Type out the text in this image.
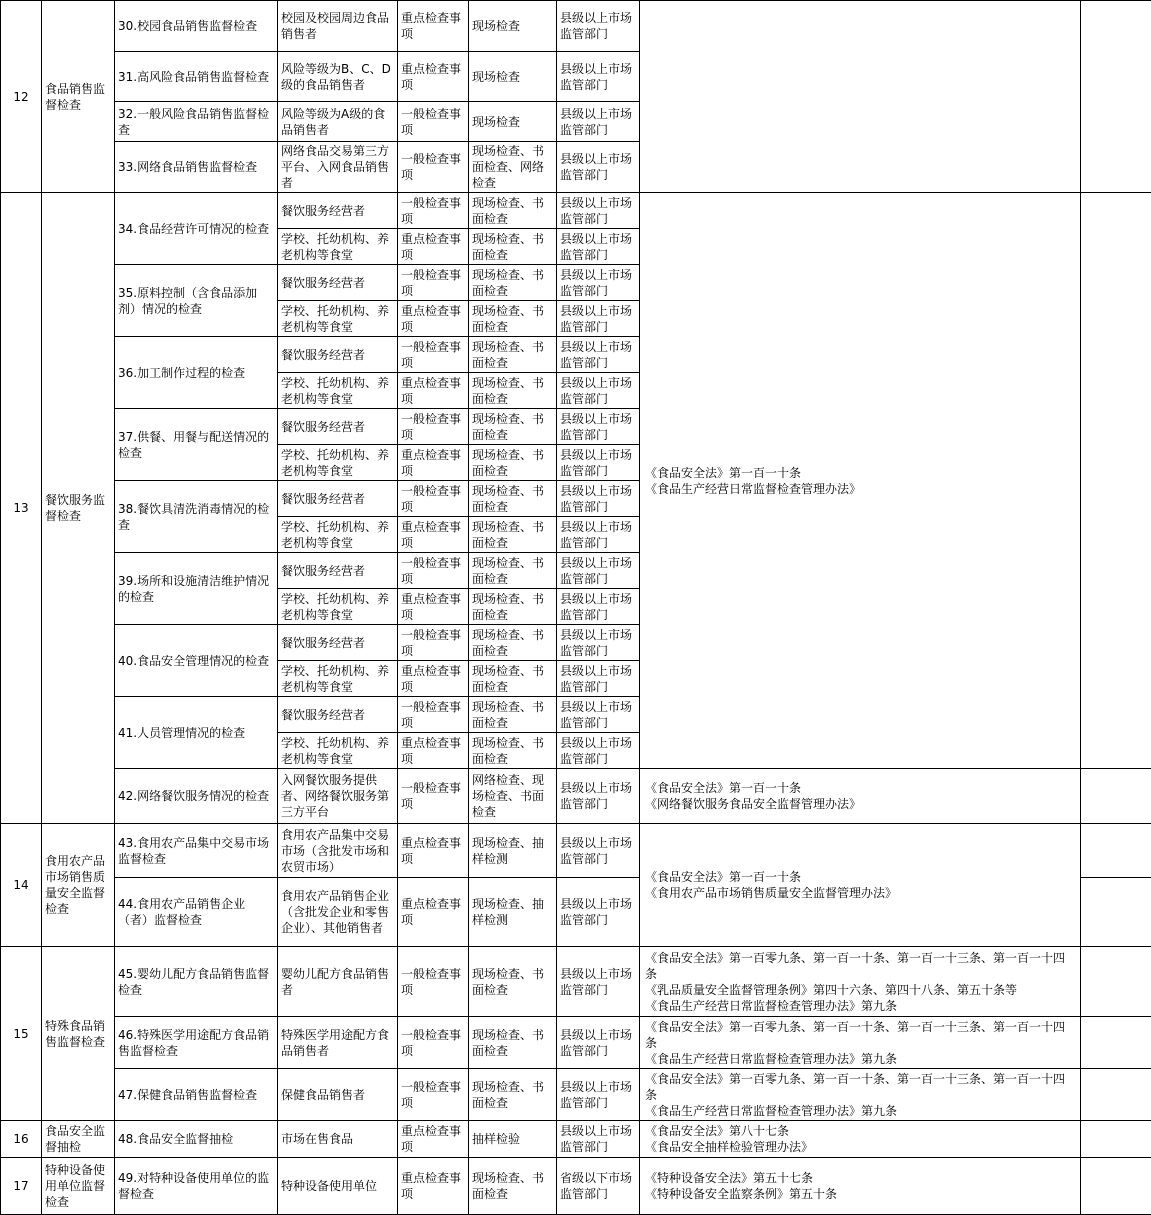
12	食品销售监督检查	30.校园食品销售监督检查	校园及校园周边食品销售者	重点检查事项	现场检查	县级以上市场监管部门		
		31.高风险食品销售监督检查	风险等级为B、C、D级的食品销售者	重点检查事项	现场检查	县级以上市场监管部门		
		32.一般风险食品销售监督检查	风险等级为A级的食品销售者	一般检查事项	现场检查	县级以上市场监管部门		
		33.网络食品销售监督检查	网络食品交易第三方平台、入网食品销售者	一般检查事项	现场检查、书面检查、网络检查	县级以上市场监管部门		
13	餐饮服务监督检查	34.食品经营许可情况的检查	餐饮服务经营者	一般检查事项	现场检查、书面检查	县级以上市场监管部门	《食品安全法》第一百一十条
《食品生产经营日常监督检查管理办法》	
			学校、托幼机构、养老机构等食堂	重点检查事项	现场检查、书面检查	县级以上市场监管部门		
		35.原料控制（含食品添加剂）情况的检查	餐饮服务经营者	一般检查事项	现场检查、书面检查	县级以上市场监管部门		
			学校、托幼机构、养老机构等食堂	重点检查事项	现场检查、书面检查	县级以上市场监管部门		
		36.加工制作过程的检查	餐饮服务经营者	一般检查事项	现场检查、书面检查	县级以上市场监管部门		
			学校、托幼机构、养老机构等食堂	重点检查事项	现场检查、书面检查	县级以上市场监管部门		
		37.供餐、用餐与配送情况的检查	餐饮服务经营者	一般检查事项	现场检查、书面检查	县级以上市场监管部门		
			学校、托幼机构、养老机构等食堂	重点检查事项	现场检查、书面检查	县级以上市场监管部门		
		38.餐饮具清洗消毒情况的检查	餐饮服务经营者	一般检查事项	现场检查、书面检查	县级以上市场监管部门		
			学校、托幼机构、养老机构等食堂	重点检查事项	现场检查、书面检查	县级以上市场监管部门		
		39.场所和设施清洁维护情况的检查	餐饮服务经营者	一般检查事项	现场检查、书面检查	县级以上市场监管部门		
			学校、托幼机构、养老机构等食堂	重点检查事项	现场检查、书面检查	县级以上市场监管部门		
		40.食品安全管理情况的检查	餐饮服务经营者	一般检查事项	现场检查、书面检查	县级以上市场监管部门		
			学校、托幼机构、养老机构等食堂	重点检查事项	现场检查、书面检查	县级以上市场监管部门		
		41.人员管理情况的检查	餐饮服务经营者	一般检查事项	现场检查、书面检查	县级以上市场监管部门		
			学校、托幼机构、养老机构等食堂	重点检查事项	现场检查、书面检查	县级以上市场监管部门		
		42.网络餐饮服务情况的检查	入网餐饮服务提供者、网络餐饮服务第三方平台	一般检查事项	网络检查、现场检查、书面检查	县级以上市场监管部门	《食品安全法》第一百一十条
《网络餐饮服务食品安全监督管理办法》	
14	食用农产品市场销售质量安全监督检查	43.食用农产品集中交易市场监督检查	食用农产品集中交易市场（含批发市场和农贸市场）	重点检查事项	现场检查、抽样检测	县级以上市场监管部门	《食品安全法》第一百一十条
《食用农产品市场销售质量安全监督管理办法》	
		44.食用农产品销售企业（者）监督检查	食用农产品销售企业（含批发企业和零售企业）、其他销售者	重点检查事项	现场检查、抽样检测	县级以上市场监管部门		
15	特殊食品销售监督检查	45.婴幼儿配方食品销售监督检查	婴幼儿配方食品销售者	一般检查事项	现场检查、书面检查	县级以上市场监管部门	《食品安全法》第一百零九条、第一百一十条、第一百一十三条、第一百一十四条
《乳品质量安全监督管理条例》第四十六条、第四十八条、第五十条等
《食品生产经营日常监督检查管理办法》第九条	
		46.特殊医学用途配方食品销售监督检查	特殊医学用途配方食品销售者	一般检查事项	现场检查、书面检查	县级以上市场监管部门	《食品安全法》第一百零九条、第一百一十条、第一百一十三条、第一百一十四条
《食品生产经营日常监督检查管理办法》第九条	
		47.保健食品销售监督检查	保健食品销售者	一般检查事项	现场检查、书面检查	县级以上市场监管部门	《食品安全法》第一百零九条、第一百一十条、第一百一十三条、第一百一十四条
《食品生产经营日常监督检查管理办法》第九条	
16	食品安全监督抽检	48.食品安全监督抽检	市场在售食品	重点检查事项	抽样检验	县级以上市场监管部门	《食品安全法》第八十七条
《食品安全抽样检验管理办法》	
17	特种设备使用单位监督检查	49.对特种设备使用单位的监督检查	特种设备使用单位	重点检查事项	现场检查、书面检查	省级以下市场监管部门	《特种设备安全法》第五十七条
《特种设备安全监察条例》第五十条	
